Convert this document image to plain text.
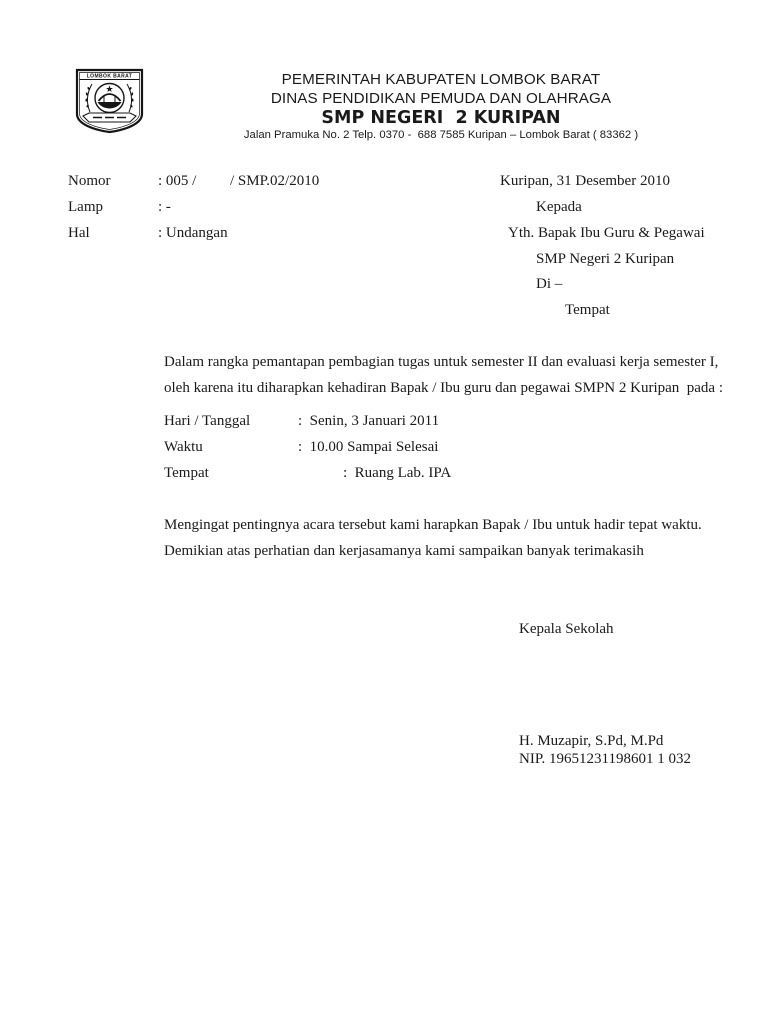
LOMBOK BARAT	PEMERINTAH KABUPATEN LOMBOK BARAT
DINAS PENDIDIKAN PEMUDA DAN OLAHRAGA
SMP NEGERI  2 KURIPAN
Jalan Pramuka No. 2 Telp. 0370 -  688 7585 Kuripan – Lombok Barat ( 83362 )
Nomor	: 005 / / SMP.02/2010	Kuripan, 31 Desember 2010
Lamp	: -	Kepada
Hal	: Undangan	Yth. Bapak Ibu Guru & Pegawai
SMP Negeri 2 Kuripan
Di –
Tempat
Dalam rangka pemantapan pembagian tugas untuk semester II dan evaluasi kerja semester I,
oleh karena itu diharapkan kehadiran Bapak / Ibu guru dan pegawai SMPN 2 Kuripan  pada :
Hari / Tanggal	:  Senin, 3 Januari 2011
Waktu	:  10.00 Sampai Selesai
Tempat	:  Ruang Lab. IPA
Mengingat pentingnya acara tersebut kami harapkan Bapak / Ibu untuk hadir tepat waktu.
Demikian atas perhatian dan kerjasamanya kami sampaikan banyak terimakasih
Kepala Sekolah
H. Muzapir, S.Pd, M.Pd
NIP. 19651231198601 1 032
